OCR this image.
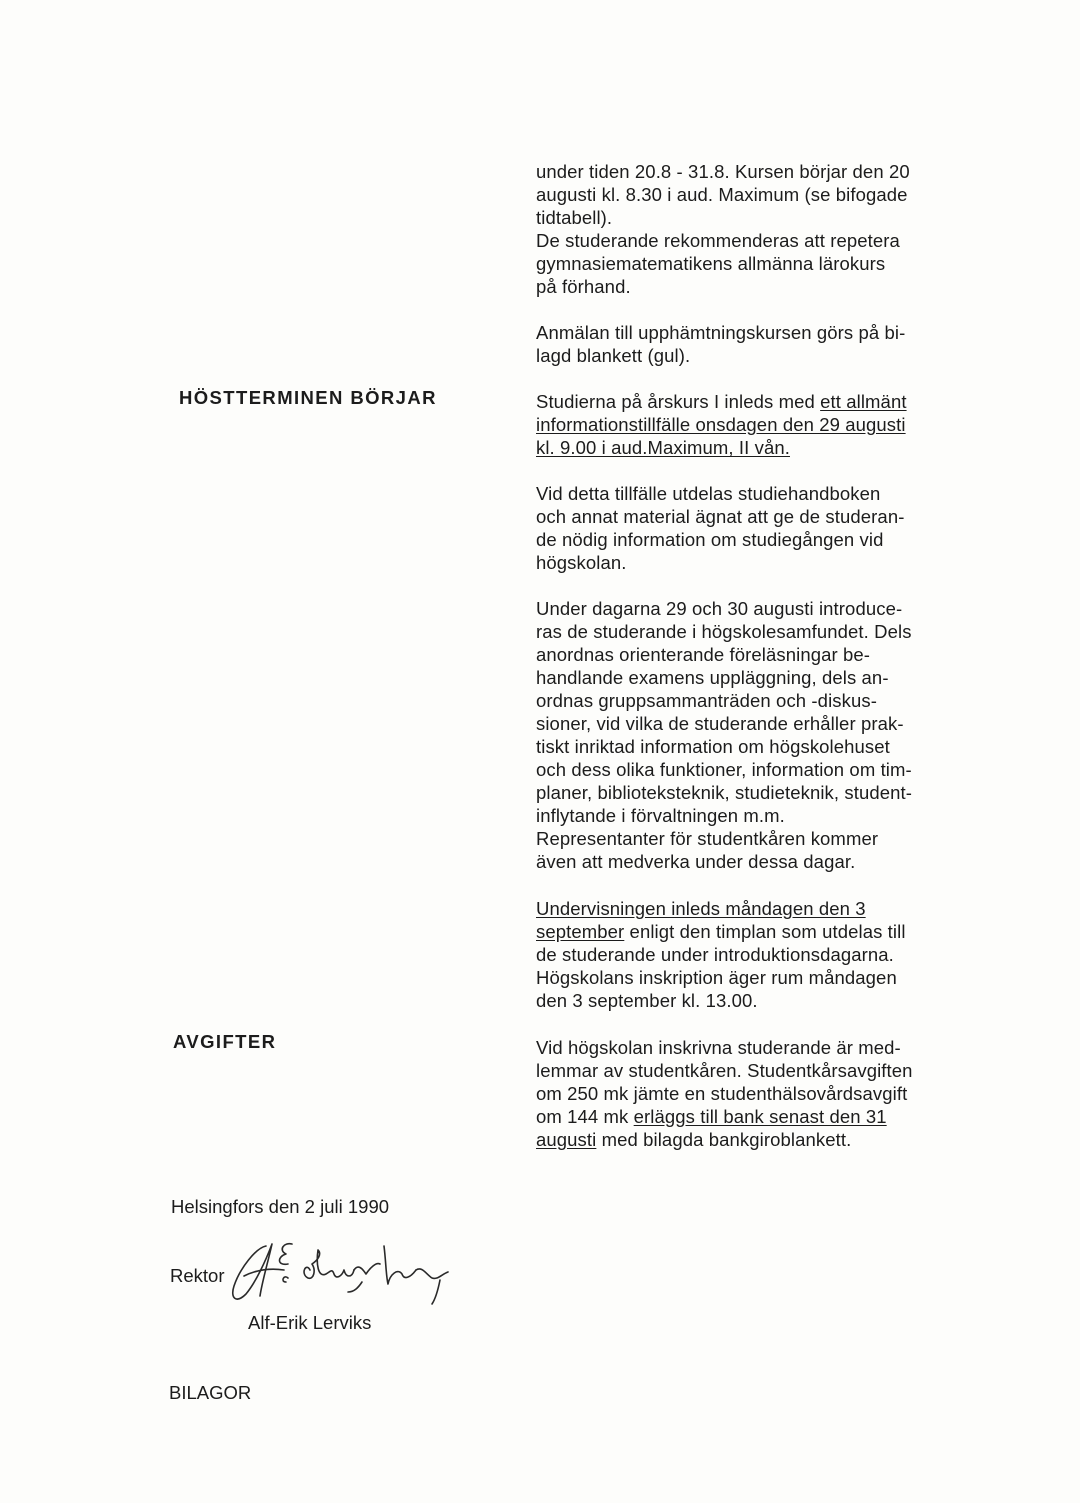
under tiden 20.8 - 31.8. Kursen börjar den 20
augusti kl. 8.30 i aud. Maximum (se bifogade
tidtabell).
De studerande rekommenderas att repetera
gymnasiematematikens allmänna lärokurs
på förhand.
Anmälan till upphämtningskursen görs på bi-
lagd blankett (gul).
HÖSTTERMINEN BÖRJAR	Studierna på årskurs I inleds med ett allmänt
informationstillfälle onsdagen den 29 augusti
kl. 9.00 i aud.Maximum, II vån.
Vid detta tillfälle utdelas studiehandboken
och annat material ägnat att ge de studeran-
de nödig information om studiegången vid
högskolan.
Under dagarna 29 och 30 augusti introduce-
ras de studerande i högskolesamfundet. Dels
anordnas orienterande föreläsningar be-
handlande examens uppläggning, dels an-
ordnas gruppsammanträden och -diskus-
sioner, vid vilka de studerande erhåller prak-
tiskt inriktad information om högskolehuset
och dess olika funktioner, information om tim-
planer, biblioteksteknik, studieteknik, student-
inflytande i förvaltningen m.m.
Representanter för studentkåren kommer
även att medverka under dessa dagar.
Undervisningen inleds måndagen den 3
september enligt den timplan som utdelas till
de studerande under introduktionsdagarna.
Högskolans inskription äger rum måndagen
den 3 september kl. 13.00.
AVGIFTER	Vid högskolan inskrivna studerande är med-
lemmar av studentkåren. Studentkårsavgiften
om 250 mk jämte en studenthälsovårdsavgift
om 144 mk erläggs till bank senast den 31
augusti med bilagda bankgiroblankett.
Helsingfors den 2 juli 1990
Rektor
Alf-Erik Lerviks
BILAGOR
